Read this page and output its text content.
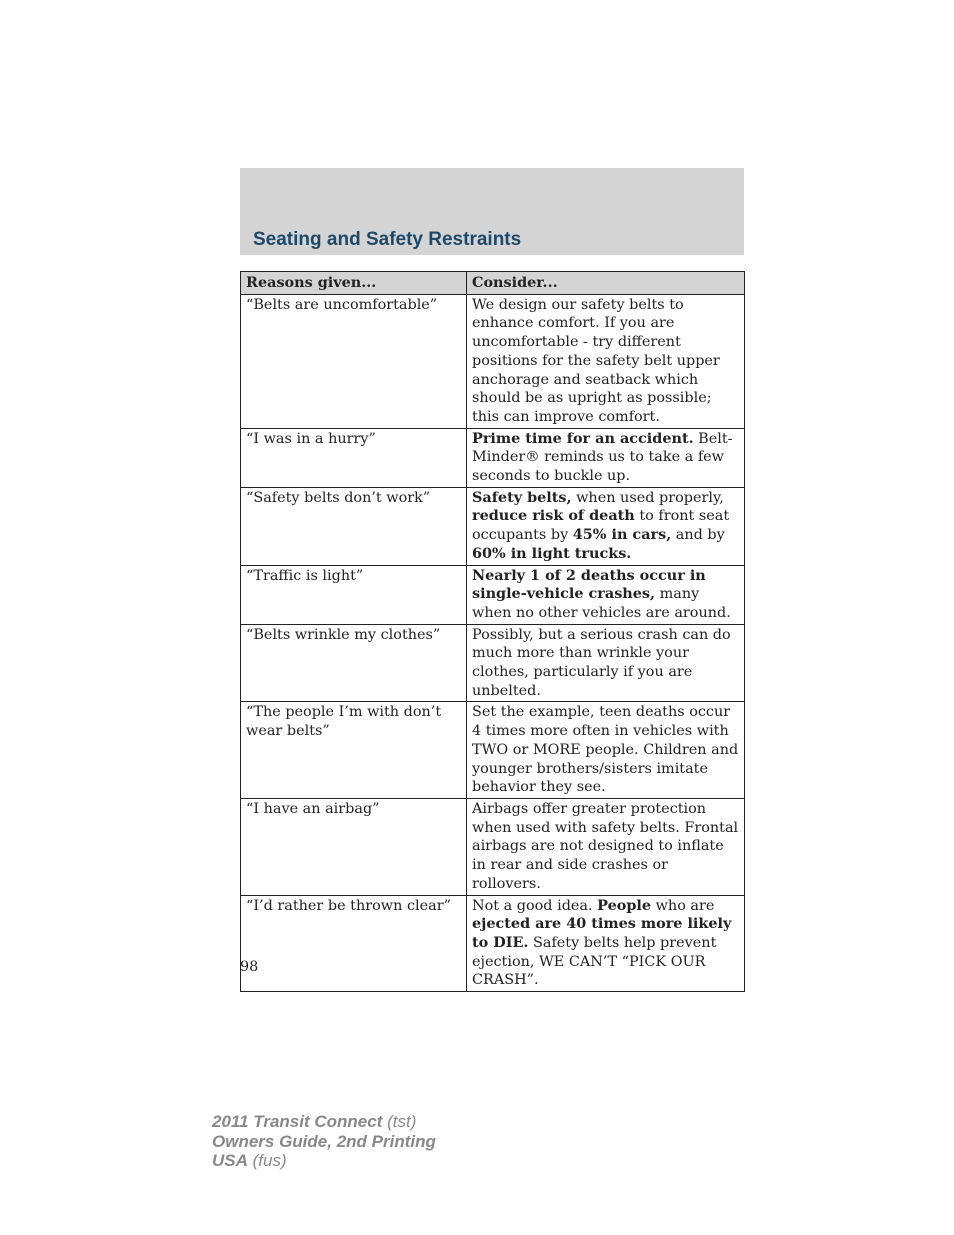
Seating and Safety Restraints
Reasons given...	Consider...
“Belts are uncomfortable”	We design our safety belts to enhance comfort. If you are uncomfortable - try different positions for the safety belt upper anchorage and seatback which should be as upright as possible; this can improve comfort.
“I was in a hurry”	Prime time for an accident. Belt-Minder® reminds us to take a few seconds to buckle up.
“Safety belts don’t work”	Safety belts, when used properly, reduce risk of death to front seat occupants by 45% in cars, and by 60% in light trucks.
“Traffic is light”	Nearly 1 of 2 deaths occur in single-vehicle crashes, many when no other vehicles are around.
“Belts wrinkle my clothes”	Possibly, but a serious crash can do much more than wrinkle your clothes, particularly if you are unbelted.
“The people I’m with don’t wear belts”	Set the example, teen deaths occur 4 times more often in vehicles with TWO or MORE people. Children and younger brothers/sisters imitate behavior they see.
“I have an airbag”	Airbags offer greater protection when used with safety belts. Frontal airbags are not designed to inflate in rear and side crashes or rollovers.
“I’d rather be thrown clear”	Not a good idea. People who are ejected are 40 times more likely to DIE. Safety belts help prevent ejection, WE CAN’T “PICK OUR CRASH”.
98
2011 Transit Connect (tst)
Owners Guide, 2nd Printing
USA (fus)
